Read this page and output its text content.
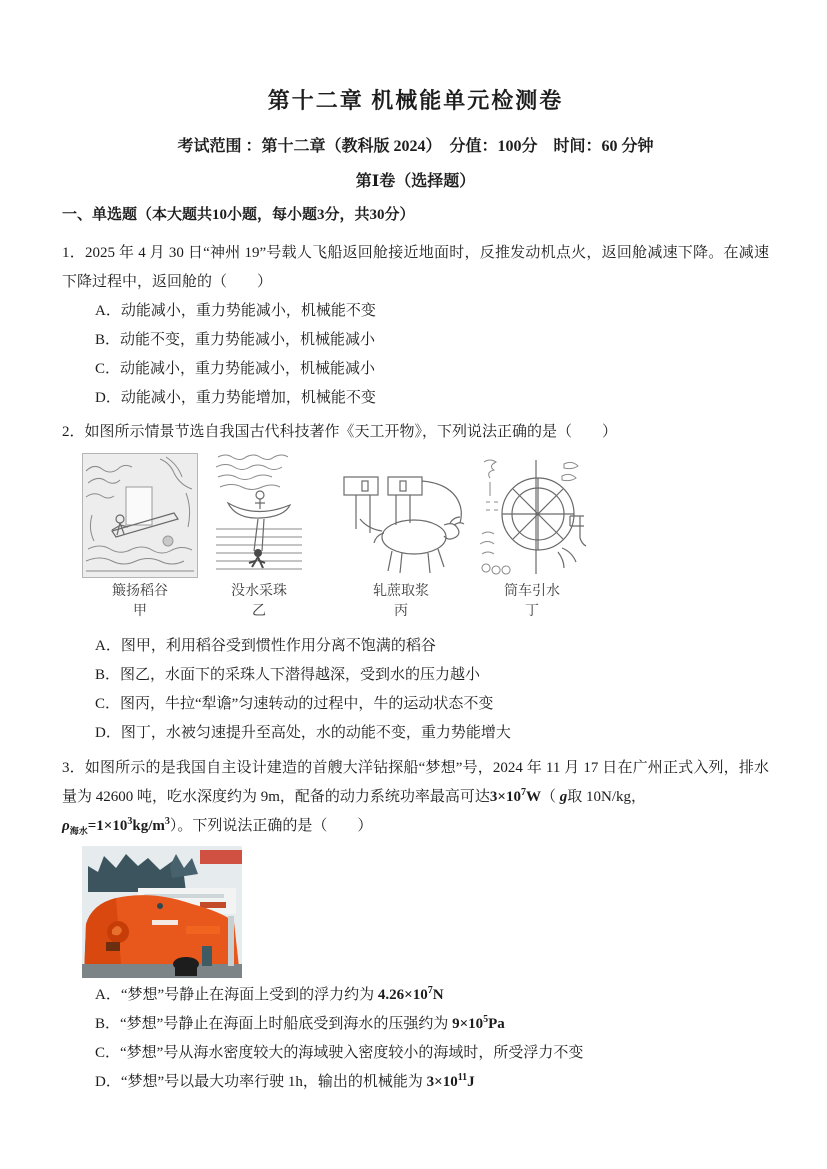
第十二章 机械能单元检测卷
考试范围 ：第十二章（教科版 2024）　分值：100分　时间：60 分钟
第Ⅰ卷（选择题）
一、单选题（本大题共10小题，每小题3分，共30分）

1．2025 年 4 月 30 日“神州 19”号载人飞船返回舱接近地面时，反推发动机点火，返回舱减速下降。在减速下降过程中，返回舱的（　　）

A．动能减小，重力势能减小，机械能不变
B．动能不变，重力势能减小，机械能减小
C．动能减小，重力势能减小，机械能减小
D．动能减小，重力势能增加，机械能不变

2．如图所示情景节选自我国古代科技著作《天工开物》，下列说法正确的是（　　）

簸扬稻谷
甲
没水采珠
乙
轧蔗取浆
丙
筒车引水
丁
A．图甲，利用稻谷受到惯性作用分离不饱满的稻谷
B．图乙，水面下的采珠人下潜得越深，受到水的压力越小
C．图丙，牛拉“犁谵”匀速转动的过程中，牛的运动状态不变
D．图丁，水被匀速提升至高处，水的动能不变，重力势能增大

3．如图所示的是我国自主设计建造的首艘大洋钻探船“梦想”号，2024 年 11 月 17 日在广州正式入列，排水量为 42600 吨，吃水深度约为 9m，配备的动力系统功率最高可达$3\times 10^7W$（ g取 10N/kg，

$\rho_{海水}=1\times 10^3kg/m^3$）。下列说法正确的是（　　）

A．“梦想”号静止在海面上受到的浮力约为 $4.26\times 10^7N$
B．“梦想”号静止在海面上时船底受到海水的压强约为 $9\times 10^5Pa$
C．“梦想”号从海水密度较大的海域驶入密度较小的海域时，所受浮力不变
D．“梦想”号以最大功率行驶 1h，输出的机械能为 $3\times 10^{11}J$
